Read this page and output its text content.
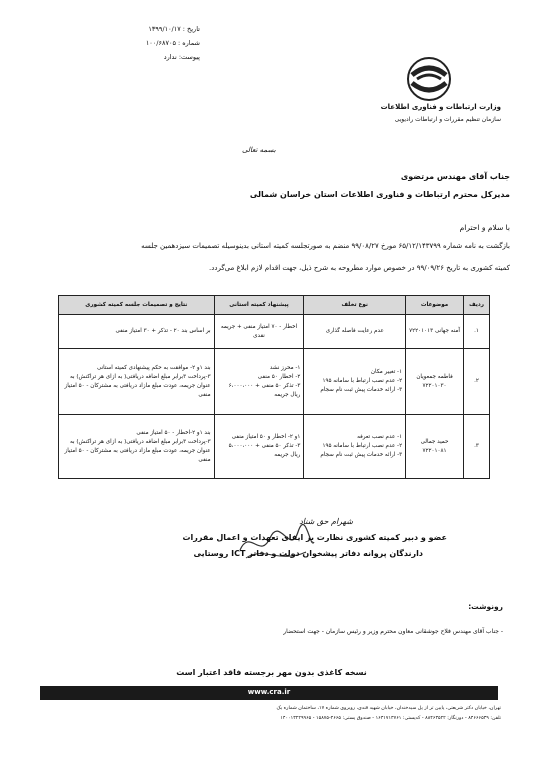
تاریخ : ۱۳۹۹/۱۰/۱۷
شماره : ۱۰۰/۶۸۷۰۵
پیوست: ندارد
وزارت ارتباطات و فناوری اطلاعات
سازمان تنظیم مقررات و ارتباطات رادیویی
بسمه تعالی
جناب آقای مهندس مرتضوی
مدیرکل محترم ارتباطات و فناوری اطلاعات استان خراسان شمالی
با سلام و احترام
بازگشت به نامه شماره ۶۵/۱۲/۱۴۳۷۹۹ مورخ ۹۹/۰۸/۲۷ منضم به صورتجلسه کمیته استانی بدینوسیله تصمیمات سیزدهمین جلسه
کمیته کشوری به تاریخ ۹۹/۰۹/۲۶ در خصوص موارد مطروحه به شرح ذیل، جهت اقدام لازم ابلاغ می‌گردد.
ردیف	موضوعات	نوع تخلف	پیشنهاد کمیته استانی	نتایج و تصمیمات جلسه کمیته کشوری
۱.	آمنه جهانی ۷۲۲۰۱۰۱۳	عدم رعایت فاصله گذاری	اخطار - ۷۰ امتیاز منفی + جریمه نقدی	بر اساس بند ۲۰ - تذکر + ۳۰ امتیاز منفی
۲.	فاطمه جمعویان ۷۲۲۰۱۰۳۰	۱- تغییر مکان
۲- عدم نصب ارتباط با سامانه ۱۹۵
۳- ارائه خدمات پیش ثبت نام سجام	۱- محرز نشد
۲- اخطار ۵۰ منفی
۳- تذکر ۵۰ منفی + ۶،۰۰۰،۰۰۰
ریال جریمه	بند ۱و ۲- موافقت به حکم پیشنهادی کمیته استانی
۳-پرداخت ۳برابر مبلغ اضافه دریافتی( به ازای هر تراکنش) به عنوان جریمه، عودت مبلغ مازاد دریافتی به مشترکان - ۵۰ امتیاز منفی
۳.	حمید جمالی ۷۲۲۰۱۰۸۱	۱- عدم نصب تعرفه
۲- عدم نصب ارتباط با سامانه ۱۹۵
۳- ارائه خدمات پیش ثبت نام سجام	۱و ۲- اخطار و ۵۰ امتیاز منفی
۳- تذکر ۵۰ منفی + ۵،۰۰۰،۰۰۰
ریال جریمه	بند ۱و ۲-اخطار - ۵۰ امتیاز منفی
۳-پرداخت ۳برابر مبلغ اضافه دریافتی( به ازای هر تراکنش) به عنوان جریمه، عودت مبلغ مازاد دریافتی به مشترکان - ۵۰ امتیاز منفی
شهرام حق شناد
عضو و دبیر کمیته کشوری نظارت بر ایفای تعهدات و اعمال مقررات
دارندگان پروانه دفاتر پیشخوان دولت و دفاتر ICT روستایی
رونوشت:
- جناب آقای مهندس فلاح جوشقانی معاون محترم وزیر و رئیس سازمان - جهت استحضار
نسخه کاغذی بدون مهر برجسته فاقد اعتبار است
www.cra.ir
تهران، خیابان دکتر شریعتی، پایین تر از پل سیدخندان، خیابان شهید قندی، روبروی شماره ۱۷، ساختمان شماره یک
تلفن: ۸۴۶۶۶۵۳۹ - دورنگار: ۸۸۴۶۳۵۲۲ - کدپستی: ۱۶۳۱۷۱۳۷۶۱ - صندوق پستی: ۴۶۶۵-۱۵۸۷۵ - ۱۴۰۰۱۳۲۲۹۹۶۵
